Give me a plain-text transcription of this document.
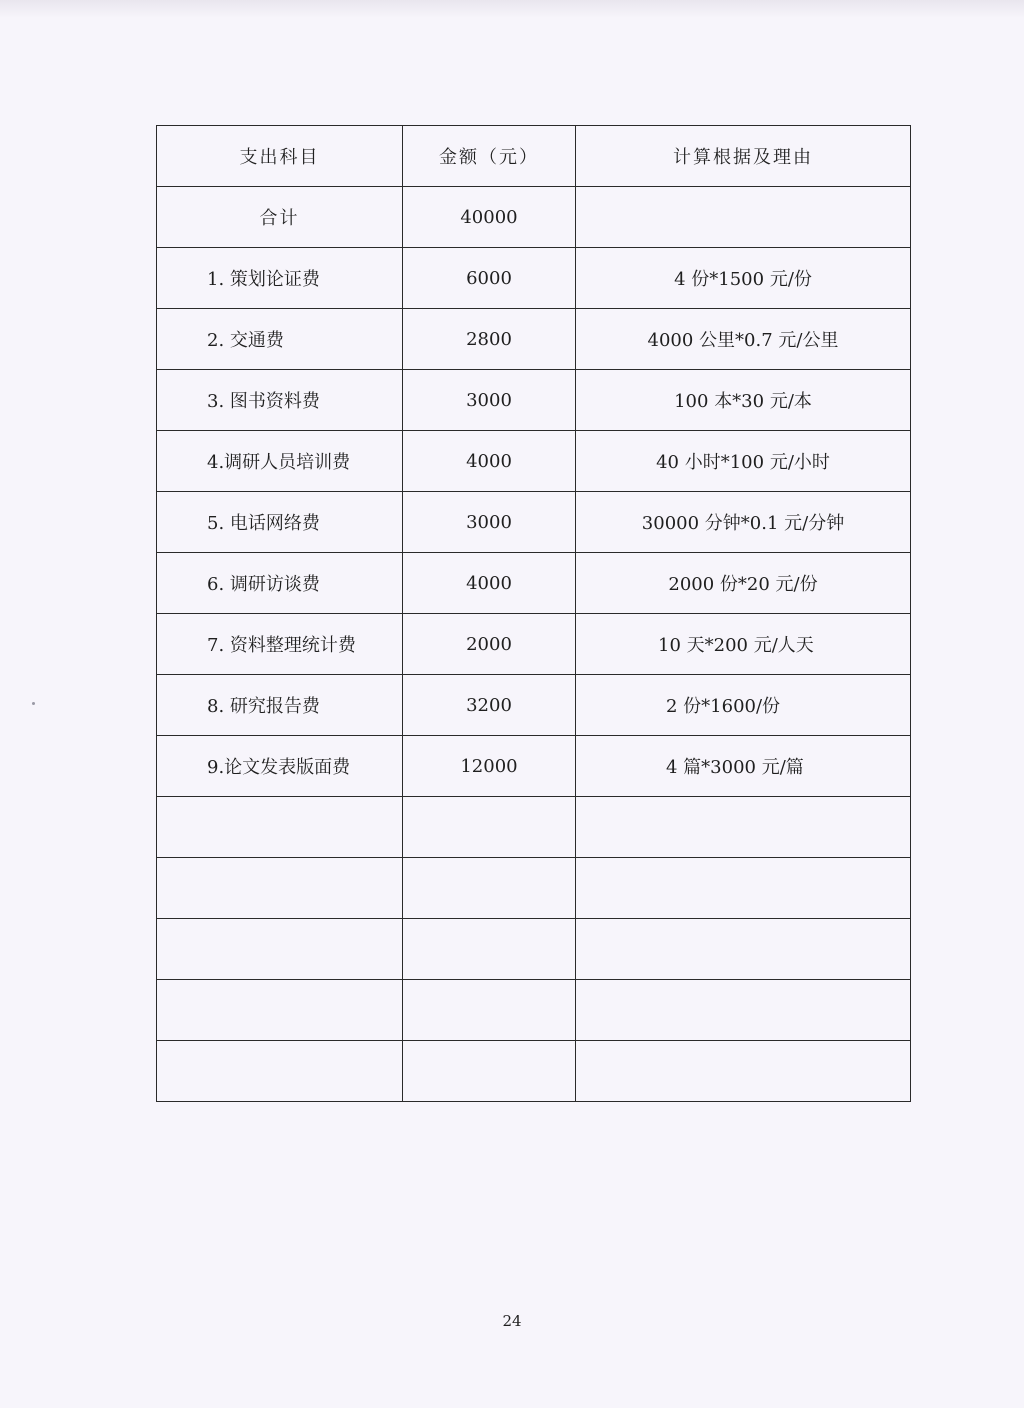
支出科目	金额（元）	计算根据及理由
合计	40000	
1. 策划论证费	6000	4 份*1500 元/份
2. 交通费	2800	4000 公里*0.7 元/公里
3. 图书资料费	3000	100 本*30 元/本
4.调研人员培训费	4000	40 小时*100 元/小时
5. 电话网络费	3000	30000 分钟*0.1 元/分钟
6. 调研访谈费	4000	2000 份*20 元/份
7. 资料整理统计费	2000	10 天*200 元/人天
8. 研究报告费	3200	2 份*1600/份
9.论文发表版面费	12000	4 篇*3000 元/篇

24
